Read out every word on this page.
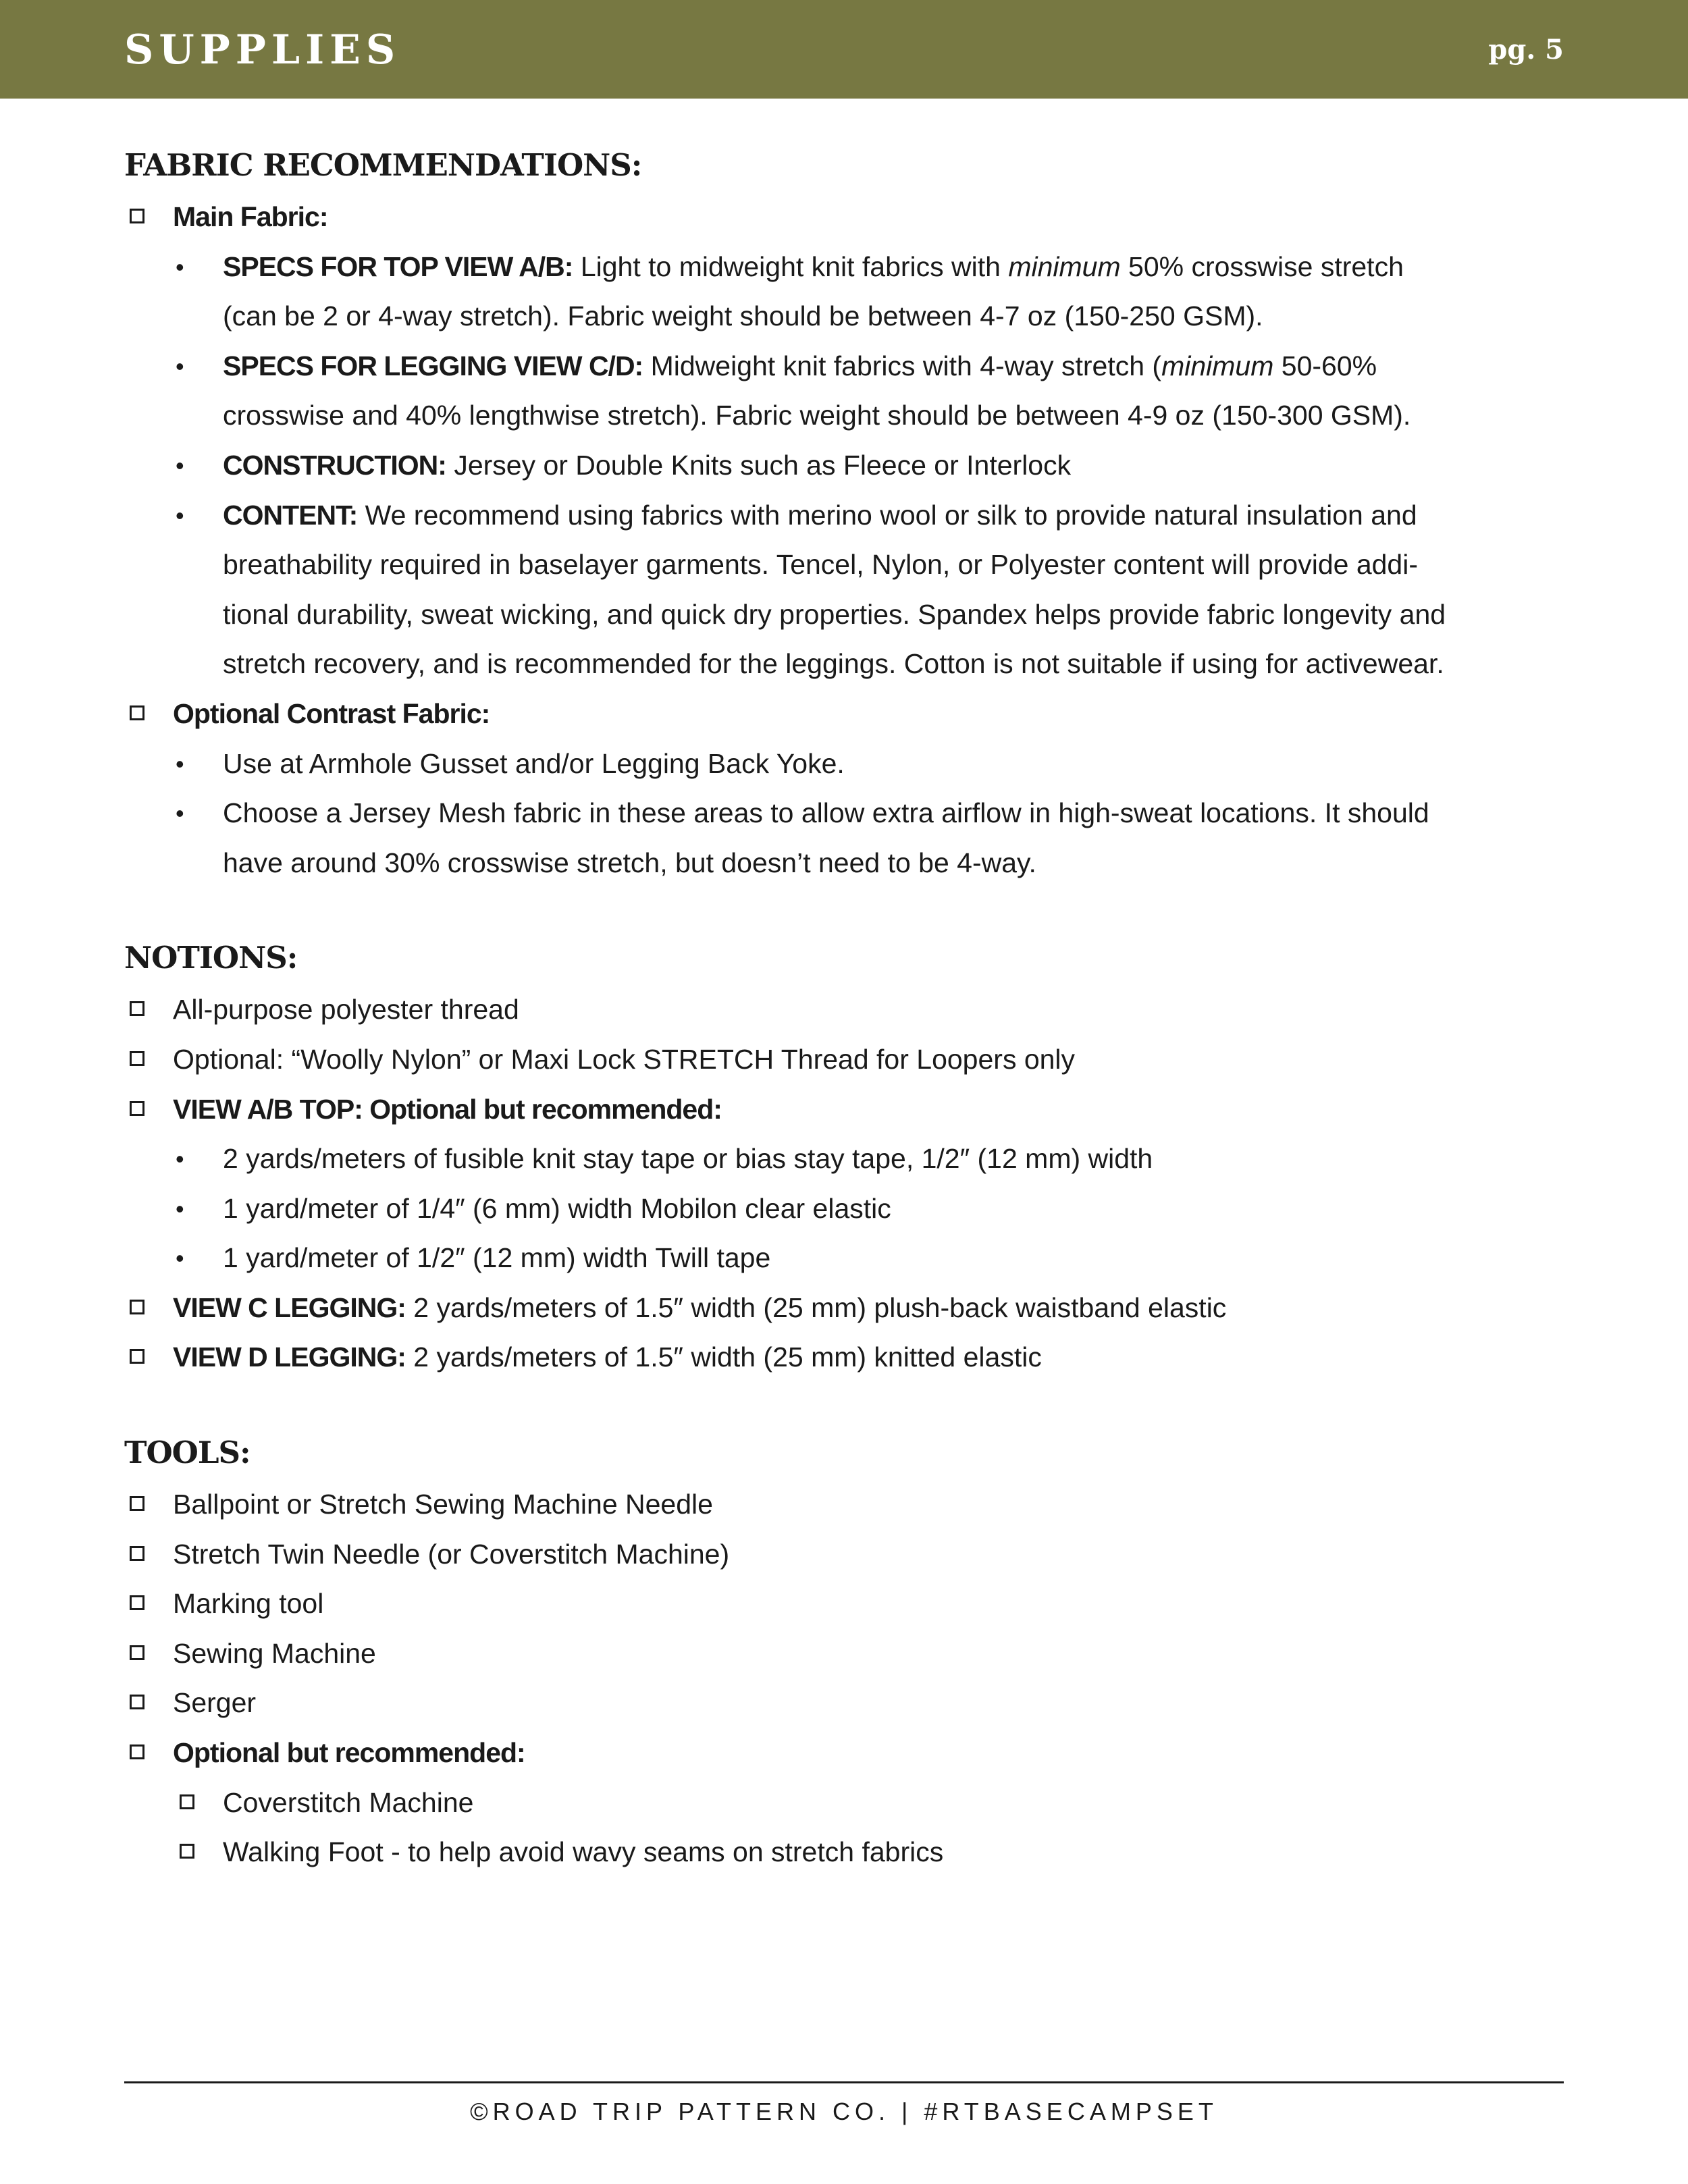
SUPPLIES	pg. 5
FABRIC RECOMMENDATIONS:
Main Fabric:
• SPECS FOR TOP VIEW A/B: Light to midweight knit fabrics with minimum 50% crosswise stretch
(can be 2 or 4-way stretch). Fabric weight should be between 4-7 oz (150-250 GSM).
• SPECS FOR LEGGING VIEW C/D: Midweight knit fabrics with 4-way stretch (minimum 50-60%
crosswise and 40% lengthwise stretch). Fabric weight should be between 4-9 oz (150-300 GSM).
• CONSTRUCTION: Jersey or Double Knits such as Fleece or Interlock
• CONTENT: We recommend using fabrics with merino wool or silk to provide natural insulation and
breathability required in baselayer garments. Tencel, Nylon, or Polyester content will provide addi-
tional durability, sweat wicking, and quick dry properties. Spandex helps provide fabric longevity and
stretch recovery, and is recommended for the leggings. Cotton is not suitable if using for activewear.
Optional Contrast Fabric:
• Use at Armhole Gusset and/or Legging Back Yoke.
• Choose a Jersey Mesh fabric in these areas to allow extra airflow in high-sweat locations. It should
have around 30% crosswise stretch, but doesn’t need to be 4-way.
NOTIONS:
All-purpose polyester thread
Optional: “Woolly Nylon” or Maxi Lock STRETCH Thread for Loopers only
VIEW A/B TOP: Optional but recommended:
• 2 yards/meters of fusible knit stay tape or bias stay tape, 1/2″ (12 mm) width
• 1 yard/meter of 1/4″ (6 mm) width Mobilon clear elastic
• 1 yard/meter of 1/2″ (12 mm) width Twill tape
VIEW C LEGGING: 2 yards/meters of 1.5″ width (25 mm) plush-back waistband elastic
VIEW D LEGGING: 2 yards/meters of 1.5″ width (25 mm) knitted elastic
TOOLS:
Ballpoint or Stretch Sewing Machine Needle
Stretch Twin Needle (or Coverstitch Machine)
Marking tool
Sewing Machine
Serger
Optional but recommended:
Coverstitch Machine
Walking Foot - to help avoid wavy seams on stretch fabrics
©ROAD TRIP PATTERN CO. | #RTBASECAMPSET
